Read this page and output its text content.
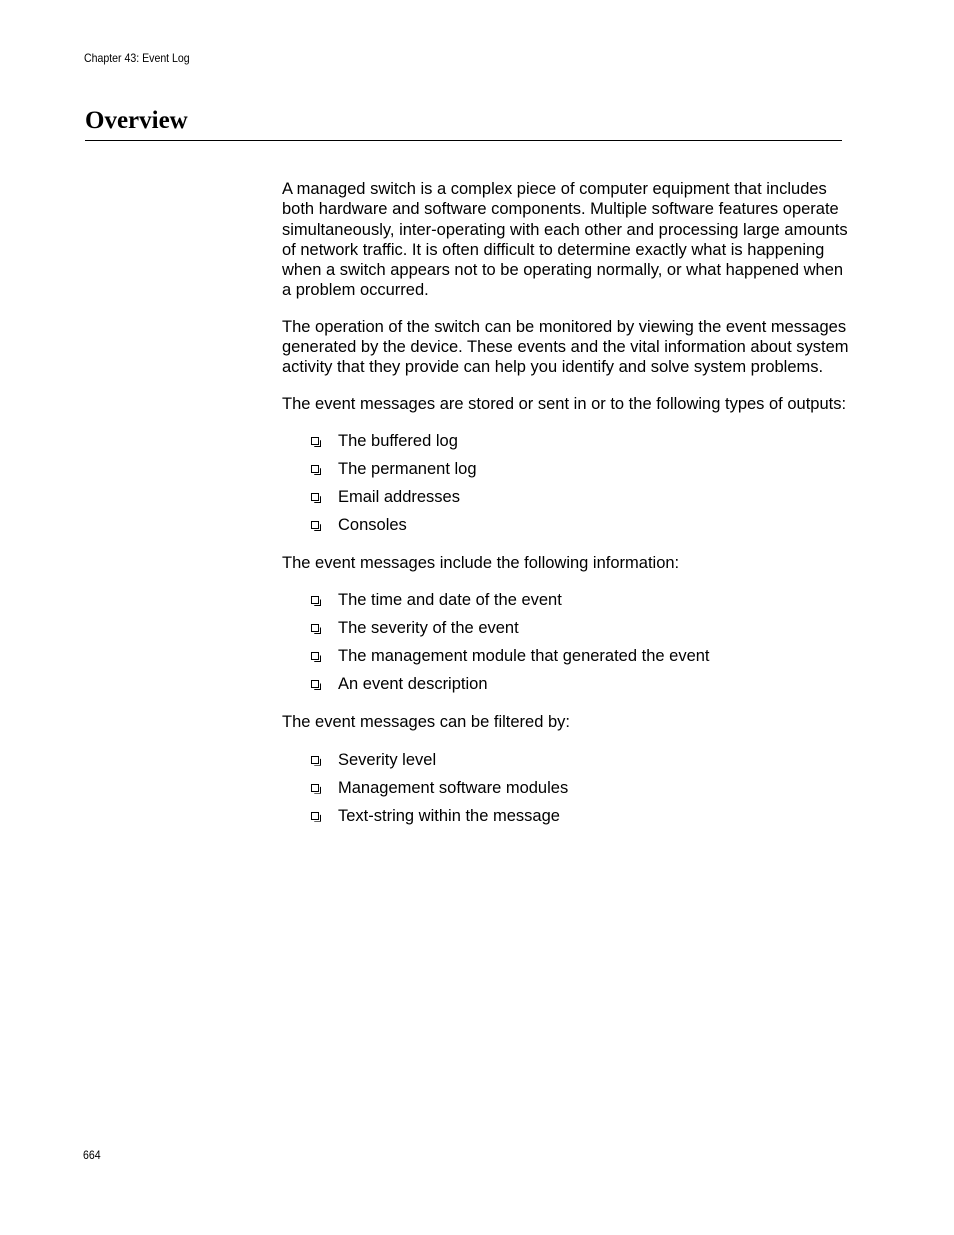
Chapter 43: Event Log
Overview

A managed switch is a complex piece of computer equipment that includes both hardware and software components. Multiple software features operate simultaneously, inter-operating with each other and processing large amounts of network traffic. It is often difficult to determine exactly what is happening when a switch appears not to be operating normally, or what happened when a problem occurred.

The operation of the switch can be monitored by viewing the event messages generated by the device. These events and the vital information about system activity that they provide can help you identify and solve system problems.

The event messages are stored or sent in or to the following types of outputs:

The buffered log
The permanent log
Email addresses
Consoles

The event messages include the following information:

The time and date of the event
The severity of the event
The management module that generated the event
An event description

The event messages can be filtered by:

Severity level
Management software modules
Text-string within the message
664
